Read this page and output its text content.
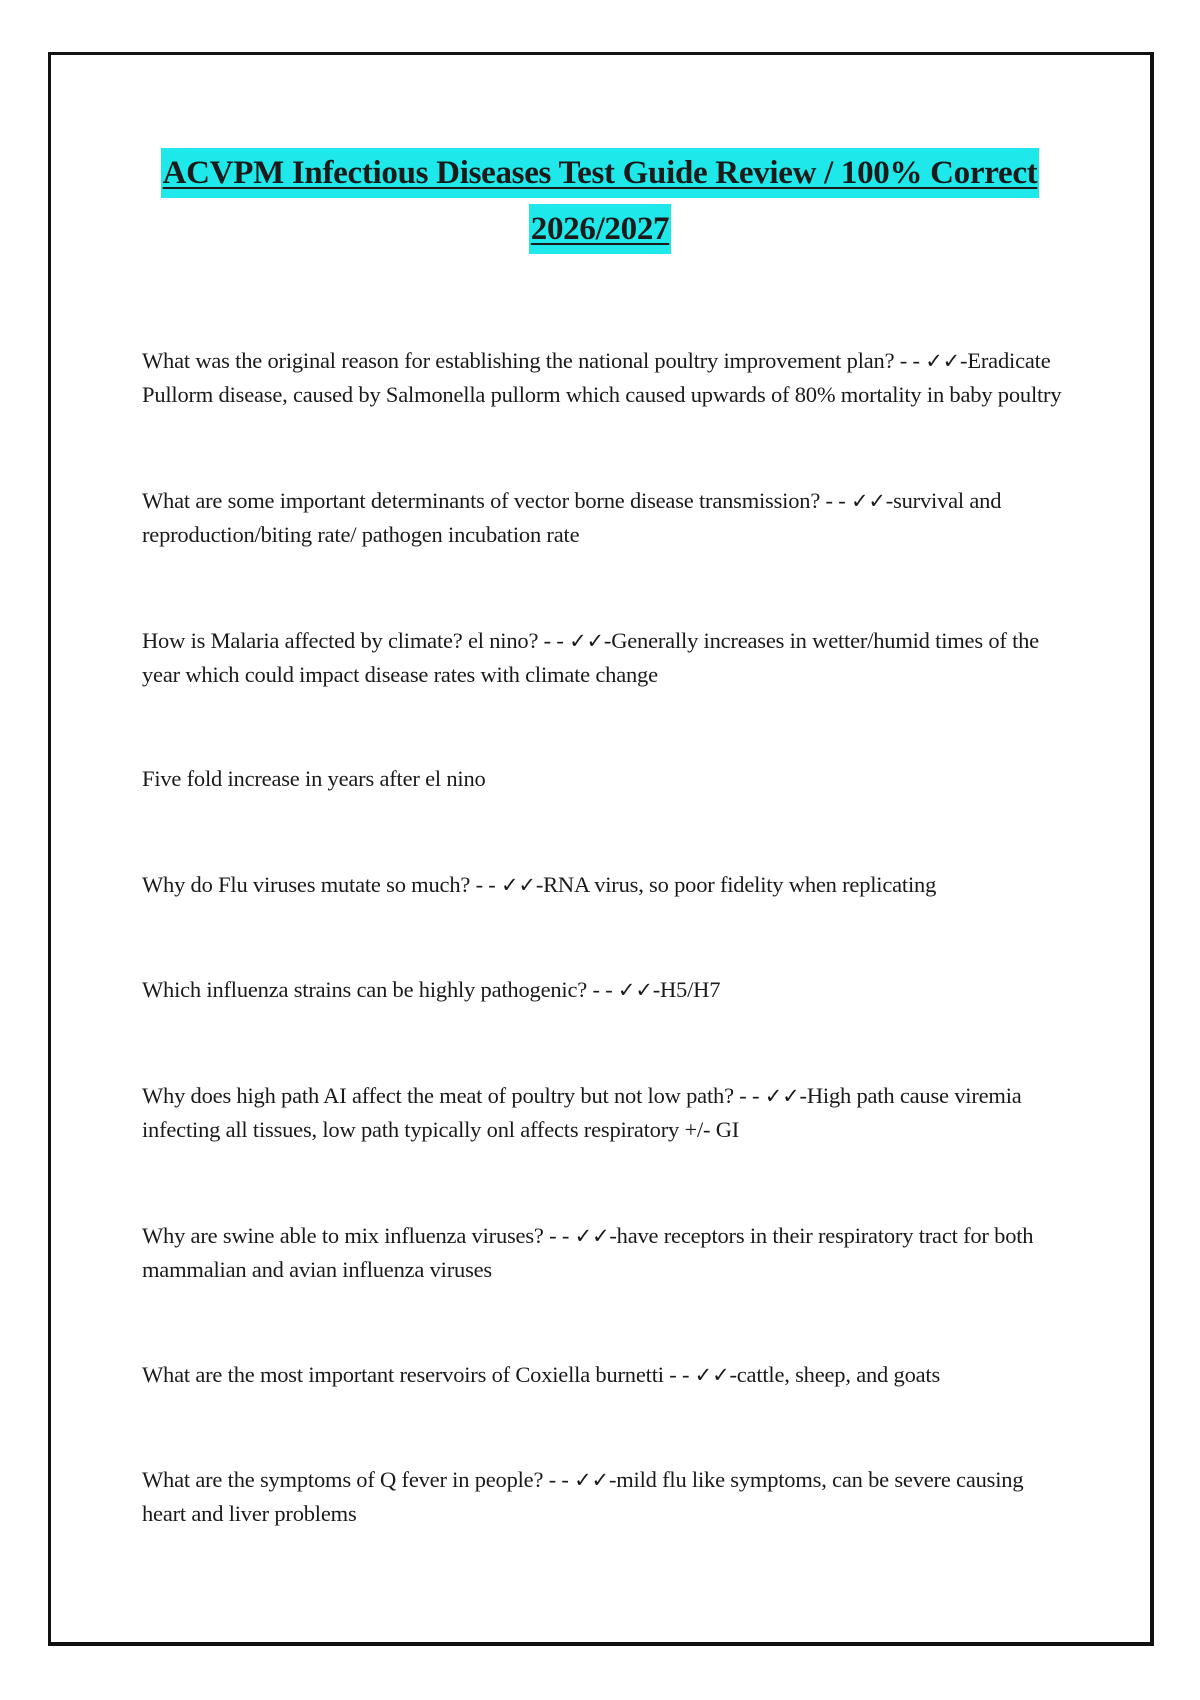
ACVPM Infectious Diseases Test Guide Review / 100% Correct
2026/2027
What was the original reason for establishing the national poultry improvement plan? - - ✓✓-Eradicate Pullorm disease, caused by Salmonella pullorm which caused upwards of 80% mortality in baby poultry
What are some important determinants of vector borne disease transmission? - - ✓✓-survival and reproduction/biting rate/ pathogen incubation rate
How is Malaria affected by climate? el nino? - - ✓✓-Generally increases in wetter/humid times of the year which could impact disease rates with climate change
Five fold increase in years after el nino
Why do Flu viruses mutate so much? - - ✓✓-RNA virus, so poor fidelity when replicating
Which influenza strains can be highly pathogenic? - - ✓✓-H5/H7
Why does high path AI affect the meat of poultry but not low path? - - ✓✓-High path cause viremia infecting all tissues, low path typically onl affects respiratory +/- GI
Why are swine able to mix influenza viruses? - - ✓✓-have receptors in their respiratory tract for both mammalian and avian influenza viruses
What are the most important reservoirs of Coxiella burnetti - - ✓✓-cattle, sheep, and goats
What are the symptoms of Q fever in people? - - ✓✓-mild flu like symptoms, can be severe causing heart and liver problems
